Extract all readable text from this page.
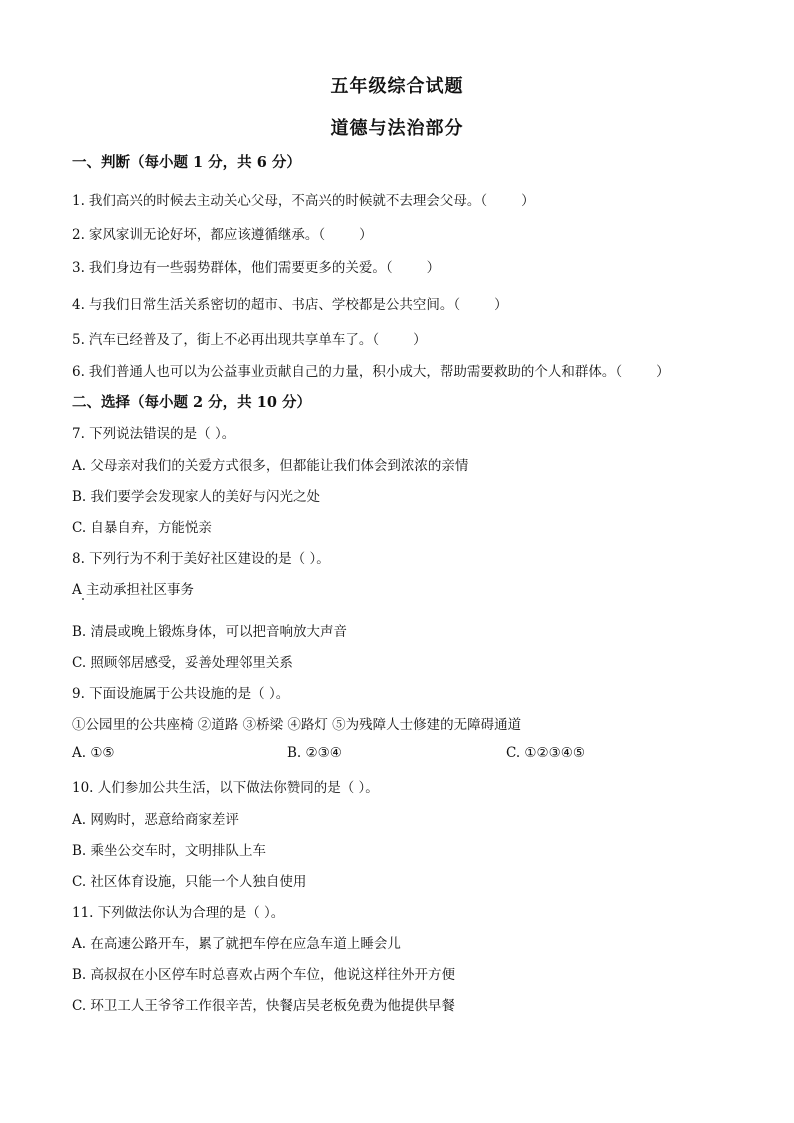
五年级综合试题
道德与法治部分
一、判断（每小题 1 分，共 6 分）
1. 我们高兴的时候去主动关心父母，不高兴的时候就不去理会父母。（	）
2. 家风家训无论好坏，都应该遵循继承。（	）
3. 我们身边有一些弱势群体，他们需要更多的关爱。（	）
4. 与我们日常生活关系密切的超市、书店、学校都是公共空间。（	）
5. 汽车已经普及了，街上不必再出现共享单车了。（	）
6. 我们普通人也可以为公益事业贡献自己的力量，积小成大，帮助需要救助的个人和群体。（	）
二、选择（每小题 2 分，共 10 分）
7. 下列说法错误的是（ ）。
A. 父母亲对我们的关爱方式很多，但都能让我们体会到浓浓的亲情
B. 我们要学会发现家人的美好与闪光之处
C. 自暴自弃，方能悦亲
8. 下列行为不利于美好社区建设的是（ ）。
A 主动承担社区事务
B. 清晨或晚上锻炼身体，可以把音响放大声音
C. 照顾邻居感受，妥善处理邻里关系
9. 下面设施属于公共设施的是（ ）。
①公园里的公共座椅 ②道路 ③桥梁 ④路灯 ⑤为残障人士修建的无障碍通道
A. ①⑤	B. ②③④	C. ①②③④⑤
10. 人们参加公共生活，以下做法你赞同的是（ ）。
A. 网购时，恶意给商家差评
B. 乘坐公交车时，文明排队上车
C. 社区体育设施，只能一个人独自使用
11. 下列做法你认为合理的是（ ）。
A. 在高速公路开车，累了就把车停在应急车道上睡会儿
B. 高叔叔在小区停车时总喜欢占两个车位，他说这样往外开方便
C. 环卫工人王爷爷工作很辛苦，快餐店吴老板免费为他提供早餐
